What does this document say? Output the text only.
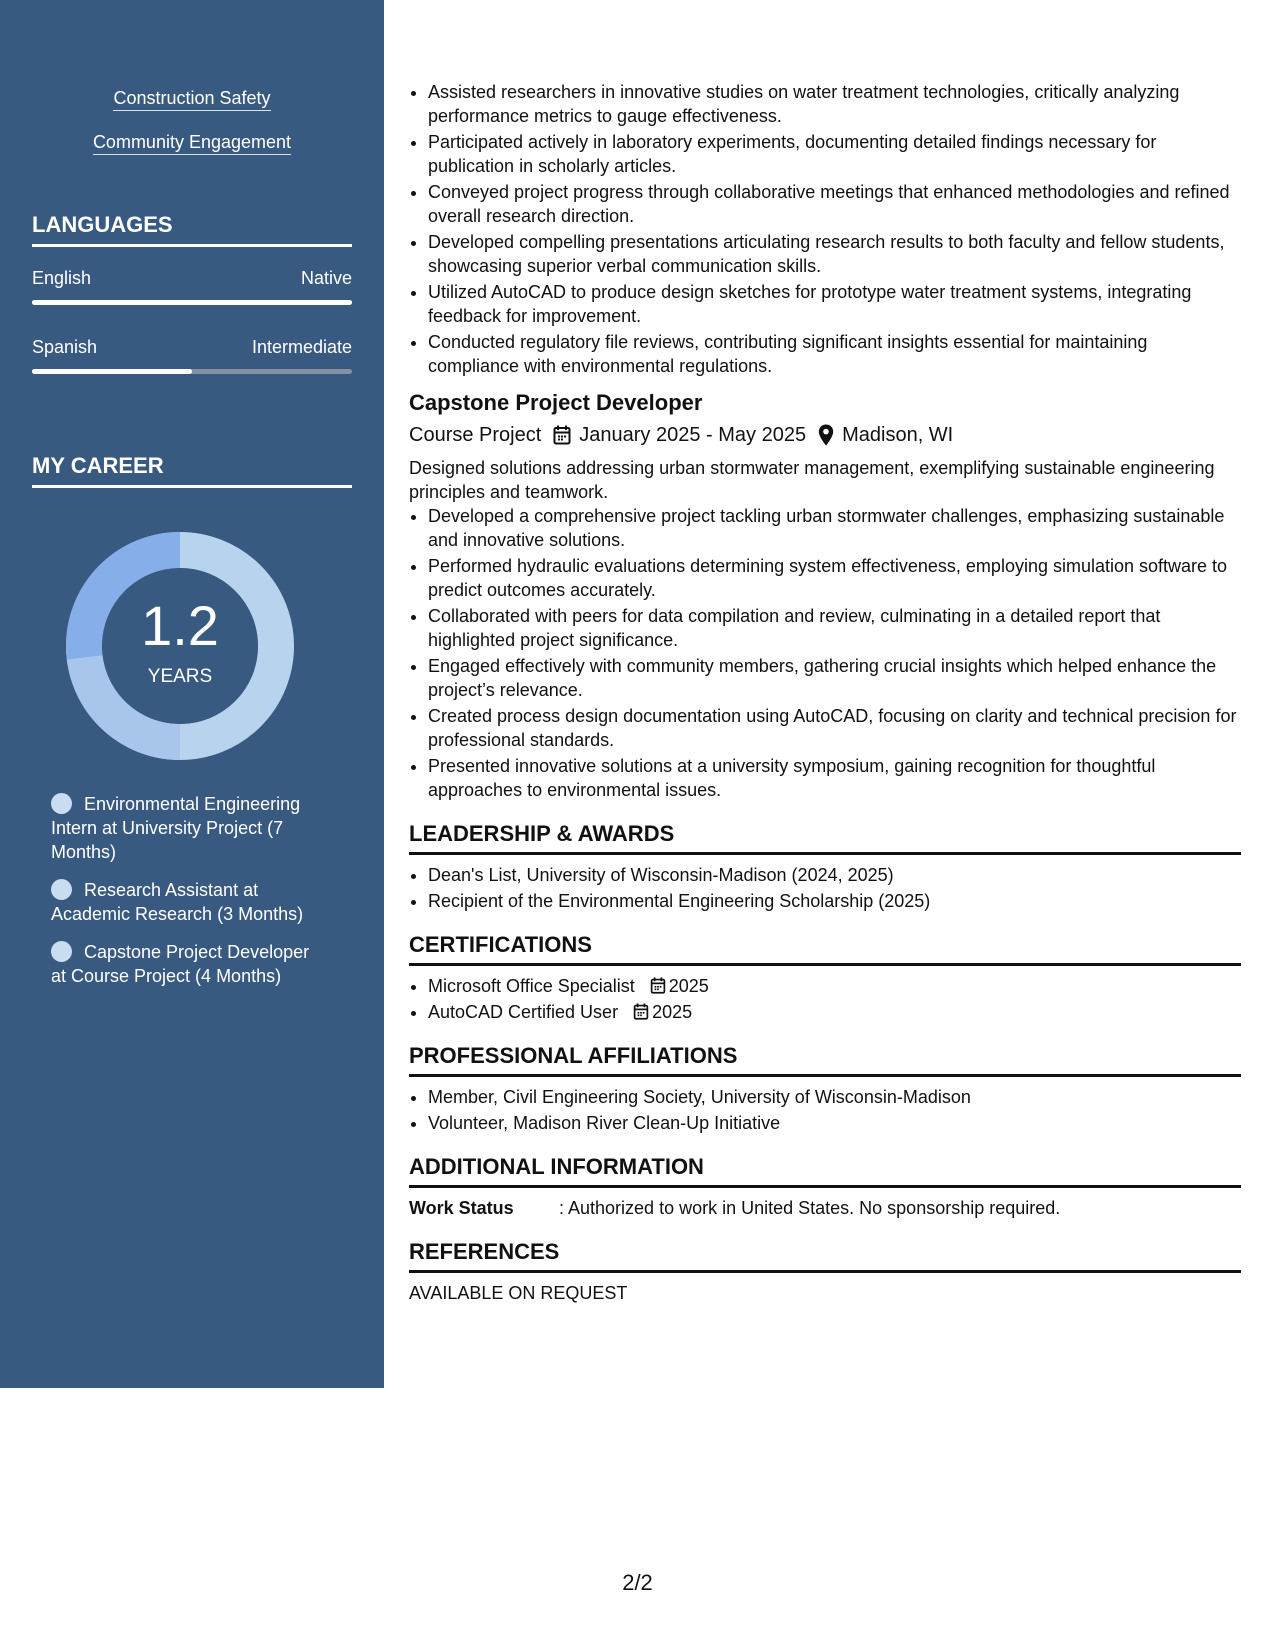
Construction Safety
Community Engagement
LANGUAGES
English	Native
Spanish	Intermediate
MY CAREER
1.2
YEARS
Environmental Engineering Intern at University Project (7 Months)
Research Assistant at Academic Research (3 Months)
Capstone Project Developer at Course Project (4 Months)
• Assisted researchers in innovative studies on water treatment technologies, critically analyzing performance metrics to gauge effectiveness.
• Participated actively in laboratory experiments, documenting detailed findings necessary for publication in scholarly articles.
• Conveyed project progress through collaborative meetings that enhanced methodologies and refined overall research direction.
• Developed compelling presentations articulating research results to both faculty and fellow students, showcasing superior verbal communication skills.
• Utilized AutoCAD to produce design sketches for prototype water treatment systems, integrating feedback for improvement.
• Conducted regulatory file reviews, contributing significant insights essential for maintaining compliance with environmental regulations.
Capstone Project Developer
Course Project January 2025 - May 2025 Madison, WI
Designed solutions addressing urban stormwater management, exemplifying sustainable engineering principles and teamwork.
• Developed a comprehensive project tackling urban stormwater challenges, emphasizing sustainable and innovative solutions.
• Performed hydraulic evaluations determining system effectiveness, employing simulation software to predict outcomes accurately.
• Collaborated with peers for data compilation and review, culminating in a detailed report that highlighted project significance.
• Engaged effectively with community members, gathering crucial insights which helped enhance the project’s relevance.
• Created process design documentation using AutoCAD, focusing on clarity and technical precision for professional standards.
• Presented innovative solutions at a university symposium, gaining recognition for thoughtful approaches to environmental issues.
LEADERSHIP & AWARDS
• Dean's List, University of Wisconsin-Madison (2024, 2025)
• Recipient of the Environmental Engineering Scholarship (2025)
CERTIFICATIONS
• Microsoft Office Specialist 2025
• AutoCAD Certified User 2025
PROFESSIONAL AFFILIATIONS
• Member, Civil Engineering Society, University of Wisconsin-Madison
• Volunteer, Madison River Clean-Up Initiative
ADDITIONAL INFORMATION
Work Status	: Authorized to work in United States. No sponsorship required.
REFERENCES
AVAILABLE ON REQUEST
2/2
